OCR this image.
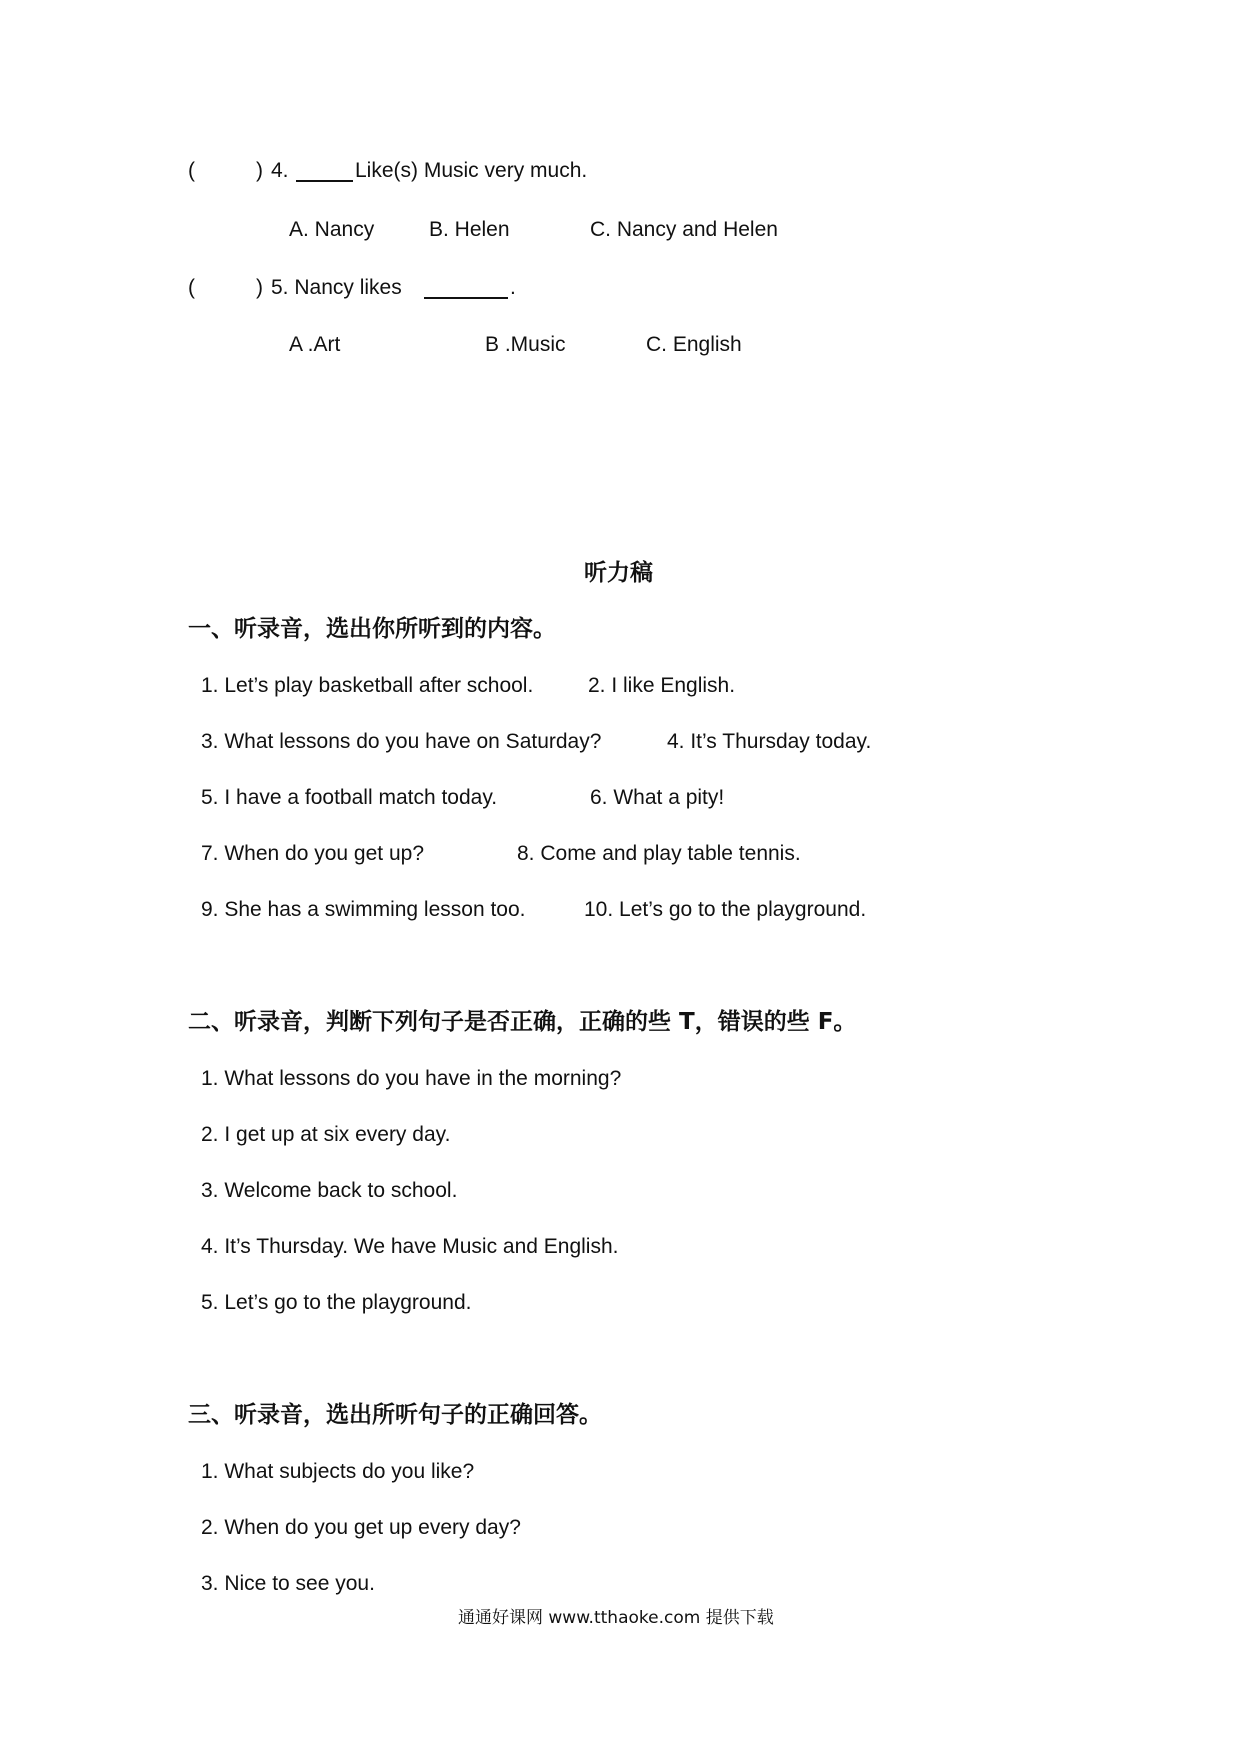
(	) 4.	Like(s) Music very much.
A. Nancy	B. Helen	C. Nancy and Helen
(	) 5. Nancy likes	.
A .Art	B .Music	C. English
听力稿
一、听录音，选出你所听到的内容。
1. Let’s play basketball after school.	2. I like English.
3. What lessons do you have on Saturday?	4. It’s Thursday today.
5. I have a football match today.	6. What a pity!
7. When do you get up?	8. Come and play table tennis.
9. She has a swimming lesson too.	10. Let’s go to the playground.
二、听录音，判断下列句子是否正确，正确的些 T，错误的些 F。
1. What lessons do you have in the morning?
2. I get up at six every day.
3. Welcome back to school.
4. It’s Thursday. We have Music and English.
5. Let’s go to the playground.
三、听录音，选出所听句子的正确回答。
1. What subjects do you like?
2. When do you get up every day?
3. Nice to see you.
通通好课网 www.tthaoke.com 提供下载
